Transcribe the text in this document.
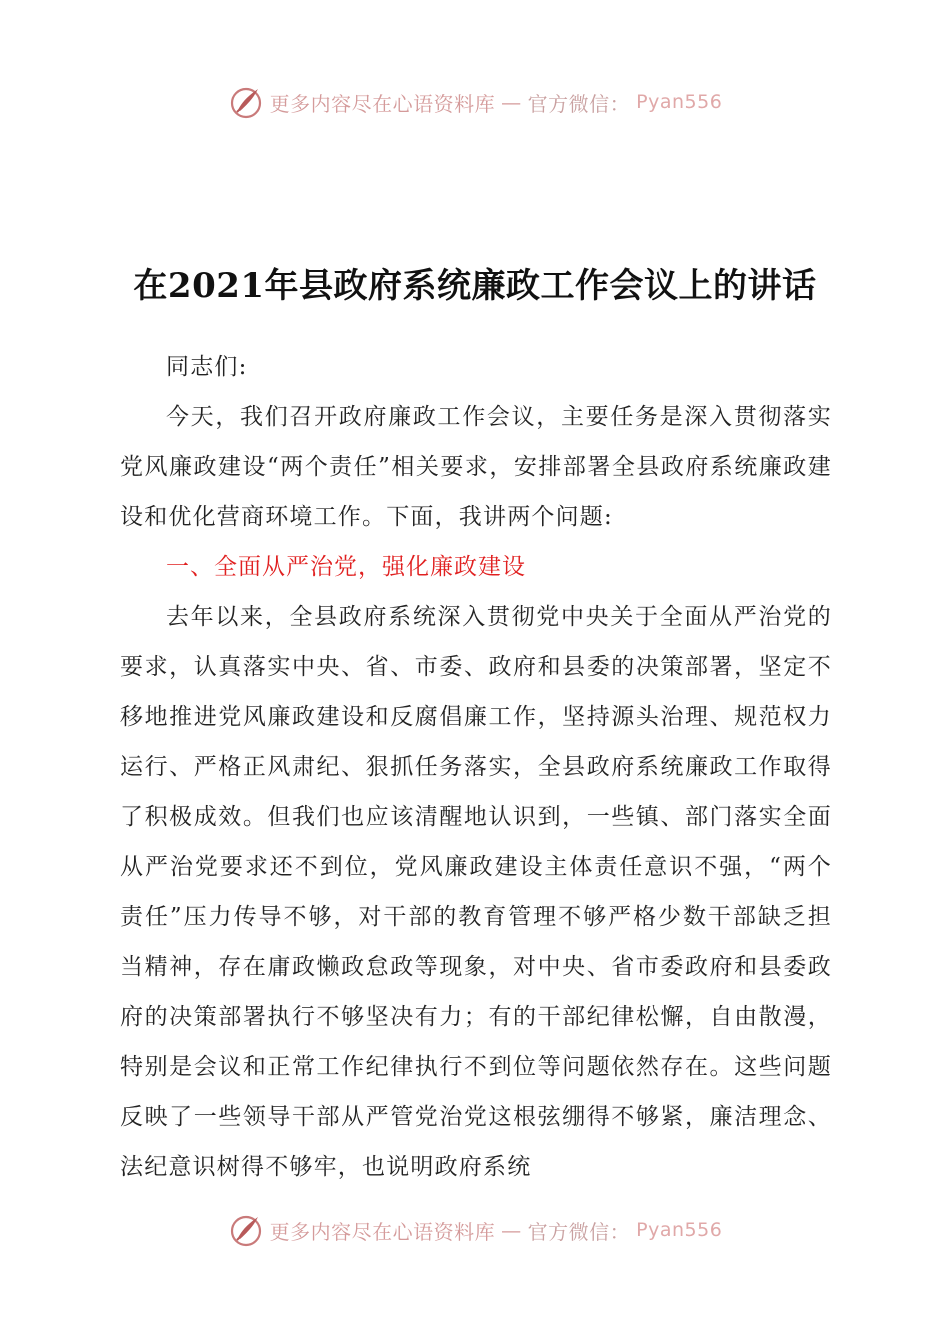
更多内容尽在心语资料库 — 官方微信： Pyan556
在2021年县政府系统廉政工作会议上的讲话

同志们:

今天，我们召开政府廉政工作会议，主要任务是深入贯彻落实党风廉政建设“两个责任”相关要求，安排部署全县政府系统廉政建设和优化营商环境工作。下面，我讲两个问题:

一、全面从严治党，强化廉政建设

去年以来，全县政府系统深入贯彻党中央关于全面从严治党的要求，认真落实中央、省、市委、政府和县委的决策部署，坚定不移地推进党风廉政建设和反腐倡廉工作，坚持源头治理、规范权力运行、严格正风肃纪、狠抓任务落实，全县政府系统廉政工作取得了积极成效。但我们也应该清醒地认识到，一些镇、部门落实全面从严治党要求还不到位，党风廉政建设主体责任意识不强，“两个责任”压力传导不够，对干部的教育管理不够严格少数干部缺乏担当精神，存在庸政懒政怠政等现象，对中央、省市委政府和县委政府的决策部署执行不够坚决有力；有的干部纪律松懈，自由散漫，特别是会议和正常工作纪律执行不到位等问题依然存在。这些问题反映了一些领导干部从严管党治党这根弦绷得不够紧，廉洁理念、法纪意识树得不够牢，也说明政府系统

更多内容尽在心语资料库 — 官方微信： Pyan556
